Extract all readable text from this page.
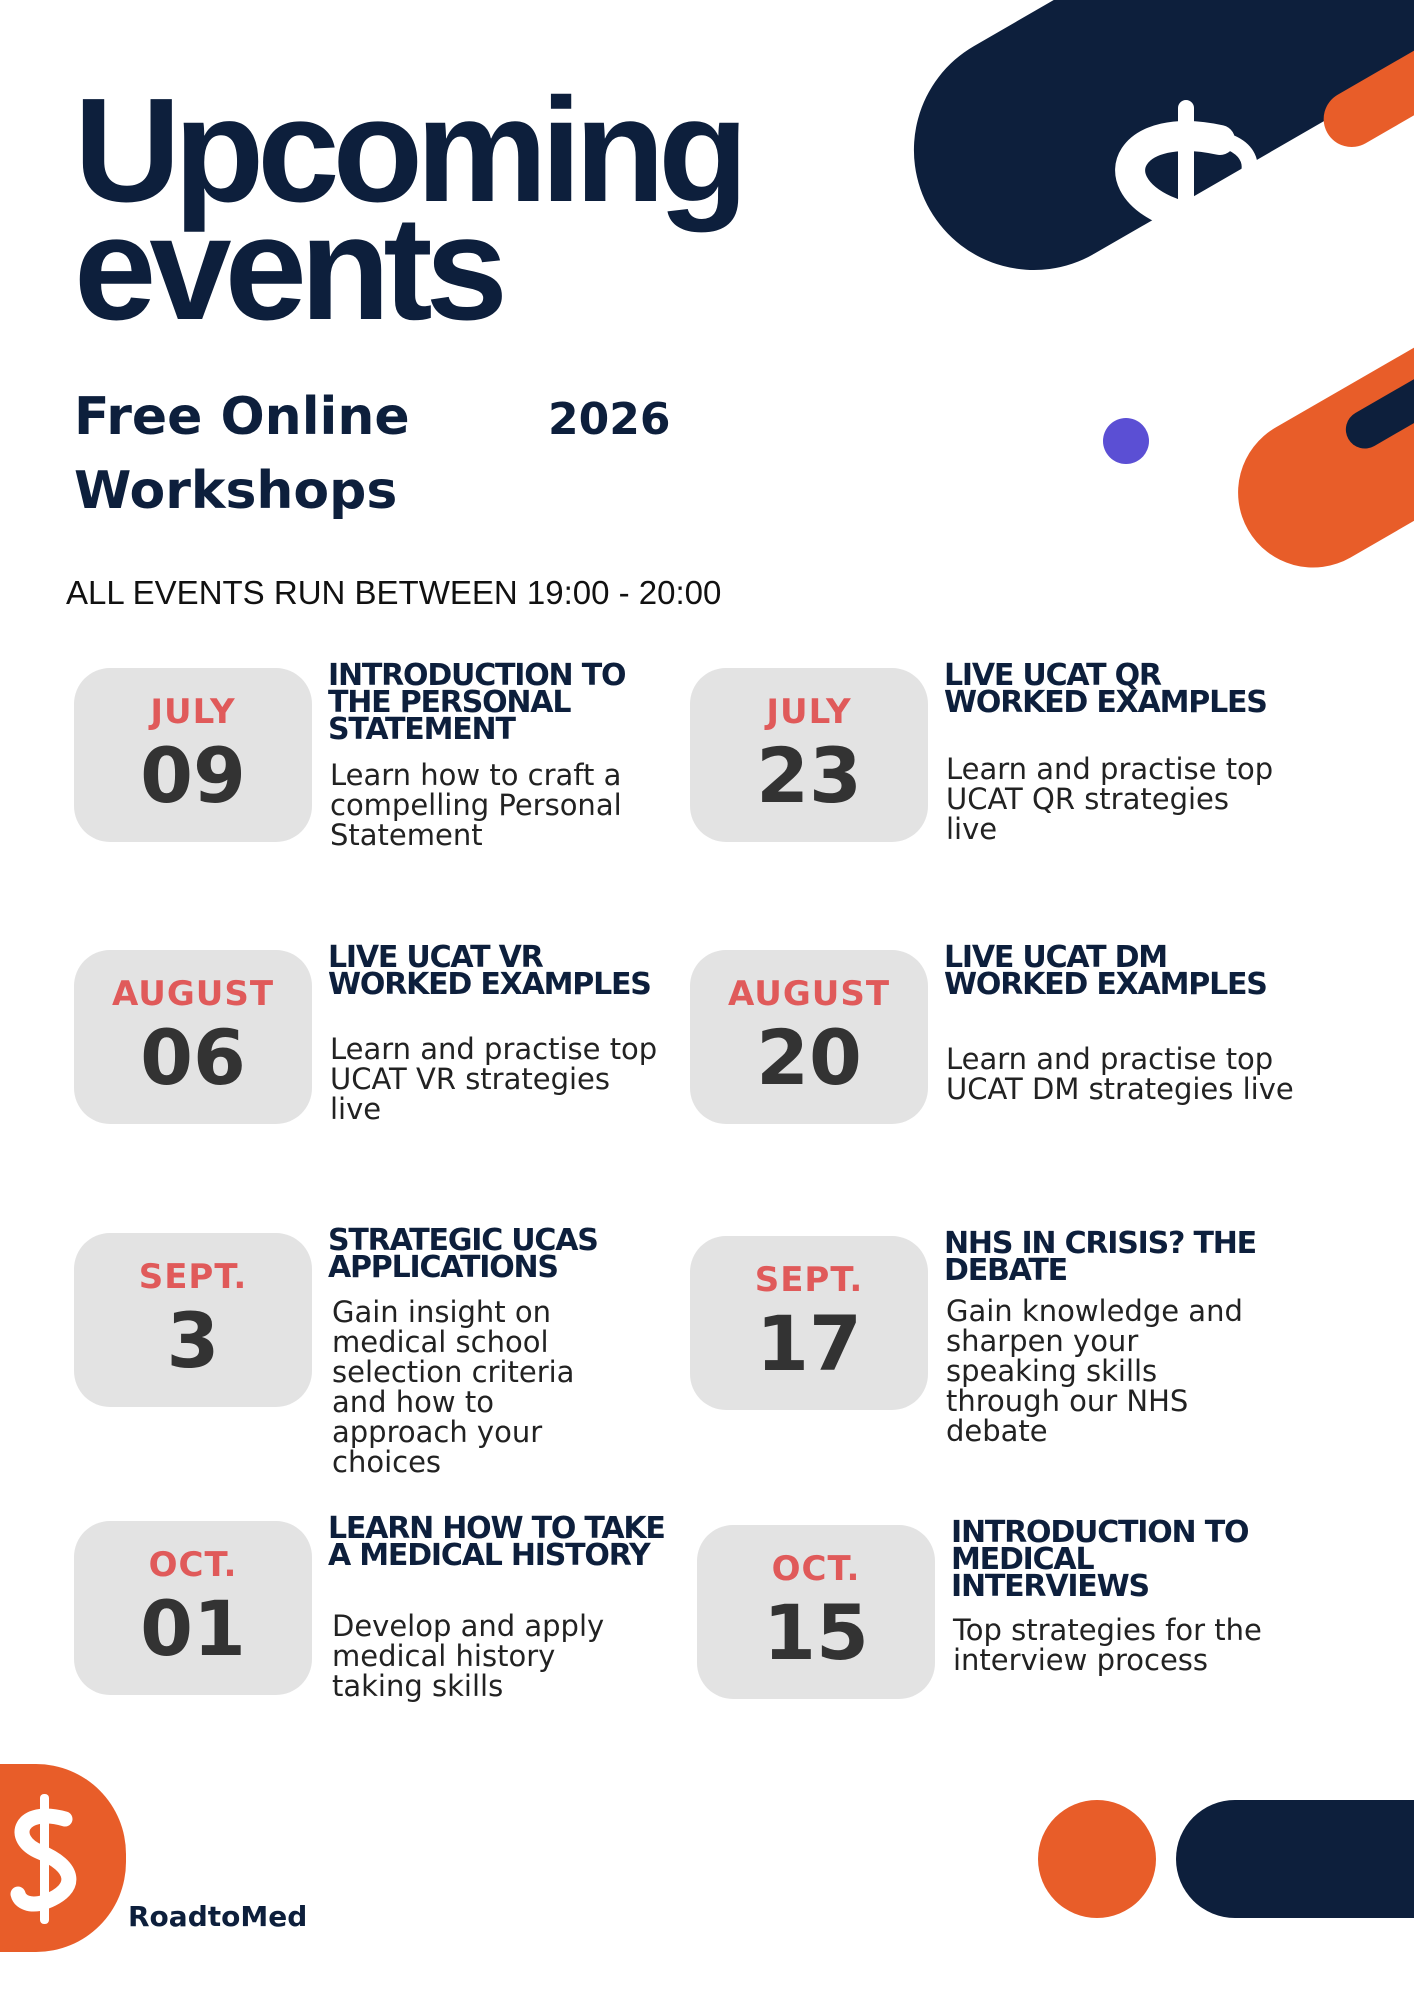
Upcoming
events
Free Online
Workshops
2026
ALL EVENTS RUN BETWEEN 19:00 - 20:00
JULY
09
INTRODUCTION TO THE PERSONAL STATEMENT
Learn how to craft a compelling Personal Statement
JULY
23
LIVE UCAT QR WORKED EXAMPLES
Learn and practise top UCAT QR strategies live
AUGUST
06
LIVE UCAT VR WORKED EXAMPLES
Learn and practise top UCAT VR strategies live
AUGUST
20
LIVE UCAT DM WORKED EXAMPLES
Learn and practise top UCAT DM strategies live
SEPT.
3
STRATEGIC UCAS APPLICATIONS
Gain insight on medical school selection criteria and how to approach your choices
SEPT.
17
NHS IN CRISIS? THE DEBATE
Gain knowledge and sharpen your speaking skills through our NHS debate
OCT.
01
LEARN HOW TO TAKE A MEDICAL HISTORY
Develop and apply medical history taking skills
OCT.
15
INTRODUCTION TO MEDICAL INTERVIEWS
Top strategies for the interview process
RoadtoMed
